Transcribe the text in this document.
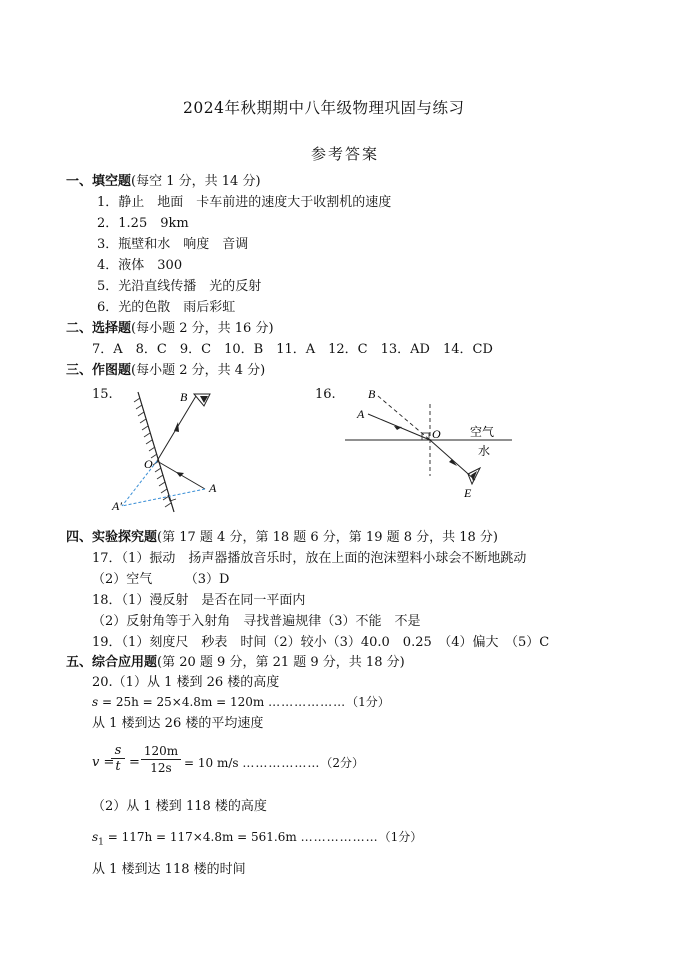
2024年秋期期中八年级物理巩固与练习
参考答案
一、填空题(每空 1 分，共 14 分)
1．静止　地面　卡车前进的速度大于收割机的速度
2．1.25　9km
3．瓶壁和水　响度　音调
4．液体　300
5．光沿直线传播　光的反射
6．光的色散　雨后彩虹
二、选择题(每小题 2 分，共 16 分)
7．A　8．C　9．C　10．B　11．A　12．C　13．AD　14．CD
三、作图题(每小题 2 分，共 4 分)
15.	16.
B
O
A
A′
B
A
O
E
空气
水
四、实验探究题(第 17 题 4 分，第 18 题 6 分，第 19 题 8 分，共 18 分)
17．（1）振动　扬声器播放音乐时，放在上面的泡沫塑料小球会不断地跳动
（2）空气　　　（3）D
18．（1）漫反射　是否在同一平面内
（2）反射角等于入射角　寻找普遍规律（3）不能　不是
19．（1）刻度尺　秒表　时间（2）较小（3）40.0　0.25　（4）偏大　（5）C
五、综合应用题(第 20 题 9 分，第 21 题 9 分，共 18 分)
20.（1）从 1 楼到 26 楼的高度
s = 25h = 25×4.8m = 120m ………………（1分）
从 1 楼到达 26 楼的平均速度
v =
$\frac{s}{t} = \frac{120m}{12s} = 10$ m/s ………………（2分）
（2）从 1 楼到 118 楼的高度
$s_1 = 117h = 117\times 4.8m = 561.6m$ ………………（1分）
从 1 楼到达 118 楼的时间
